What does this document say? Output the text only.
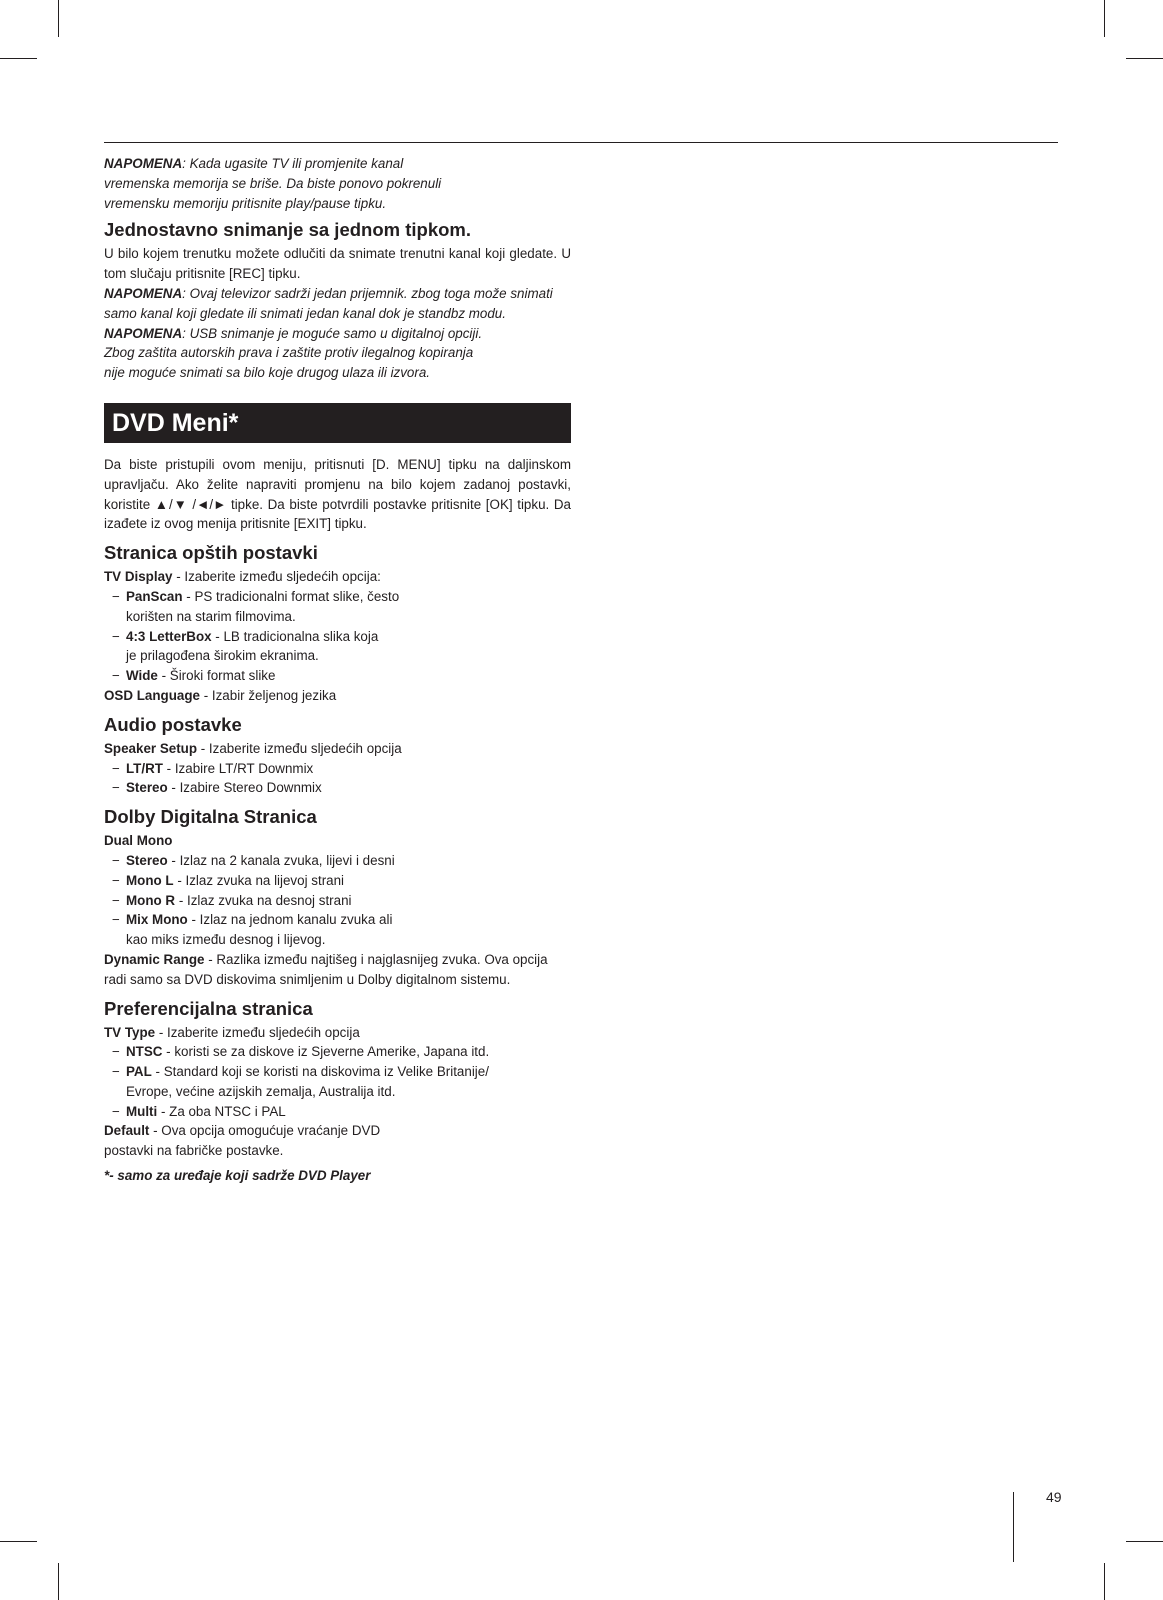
NAPOMENA: Kada ugasite TV ili promjenite kanal
vremenska memorija se briše. Da biste ponovo pokrenuli
vremensku memoriju pritisnite play/pause tipku.

Jednostavno snimanje sa jednom tipkom.

U bilo kojem trenutku možete odlučiti da snimate trenutni kanal koji gledate. U tom slučaju pritisnite [REC] tipku.

NAPOMENA: Ovaj televizor sadrži jedan prijemnik. zbog toga može snimati
samo kanal koji gledate ili snimati jedan kanal dok je standbz modu.

NAPOMENA: USB snimanje je moguće samo u digitalnoj opciji.
Zbog zaštita autorskih prava i zaštite protiv ilegalnog kopiranja
nije moguće snimati sa bilo koje drugog ulaza ili izvora.

DVD Meni*

Da biste pristupili ovom meniju, pritisnuti [D. MENU] tipku na daljinskom upravljaču. Ako želite napraviti promjenu na bilo kojem zadanoj postavki, koristite ▲/▼ /◄/► tipke. Da biste potvrdili postavke pritisnite [OK] tipku. Da izađete iz ovog menija pritisnite [EXIT] tipku.

Stranica opštih postavki

TV Display - Izaberite između sljedećih opcija:

− PanScan - PS tradicionalni format slike, često

korišten na starim filmovima.

− 4:3 LetterBox - LB tradicionalna slika koja

je prilagođena širokim ekranima.

− Wide - Široki format slike

OSD Language - Izabir željenog jezika

Audio postavke

Speaker Setup - Izaberite između sljedećih opcija

− LT/RT - Izabire LT/RT Downmix

− Stereo - Izabire Stereo Downmix

Dolby Digitalna Stranica

Dual Mono

− Stereo - Izlaz na 2 kanala zvuka, lijevi i desni

− Mono L - Izlaz zvuka na lijevoj strani

− Mono R - Izlaz zvuka na desnoj strani

− Mix Mono - Izlaz na jednom kanalu zvuka ali

kao miks između desnog i lijevog.

Dynamic Range - Razlika između najtišeg i najglasnijeg zvuka. Ova opcija radi samo sa DVD diskovima snimljenim u Dolby digitalnom sistemu.

Preferencijalna stranica

TV Type - Izaberite između sljedećih opcija

− NTSC - koristi se za diskove iz Sjeverne Amerike, Japana itd.

− PAL - Standard koji se koristi na diskovima iz Velike Britanije/

Evrope, većine azijskih zemalja, Australija itd.

− Multi - Za oba NTSC i PAL

Default - Ova opcija omogućuje vraćanje DVD

postavki na fabričke postavke.

*- samo za uređaje koji sadrže DVD Player

49
